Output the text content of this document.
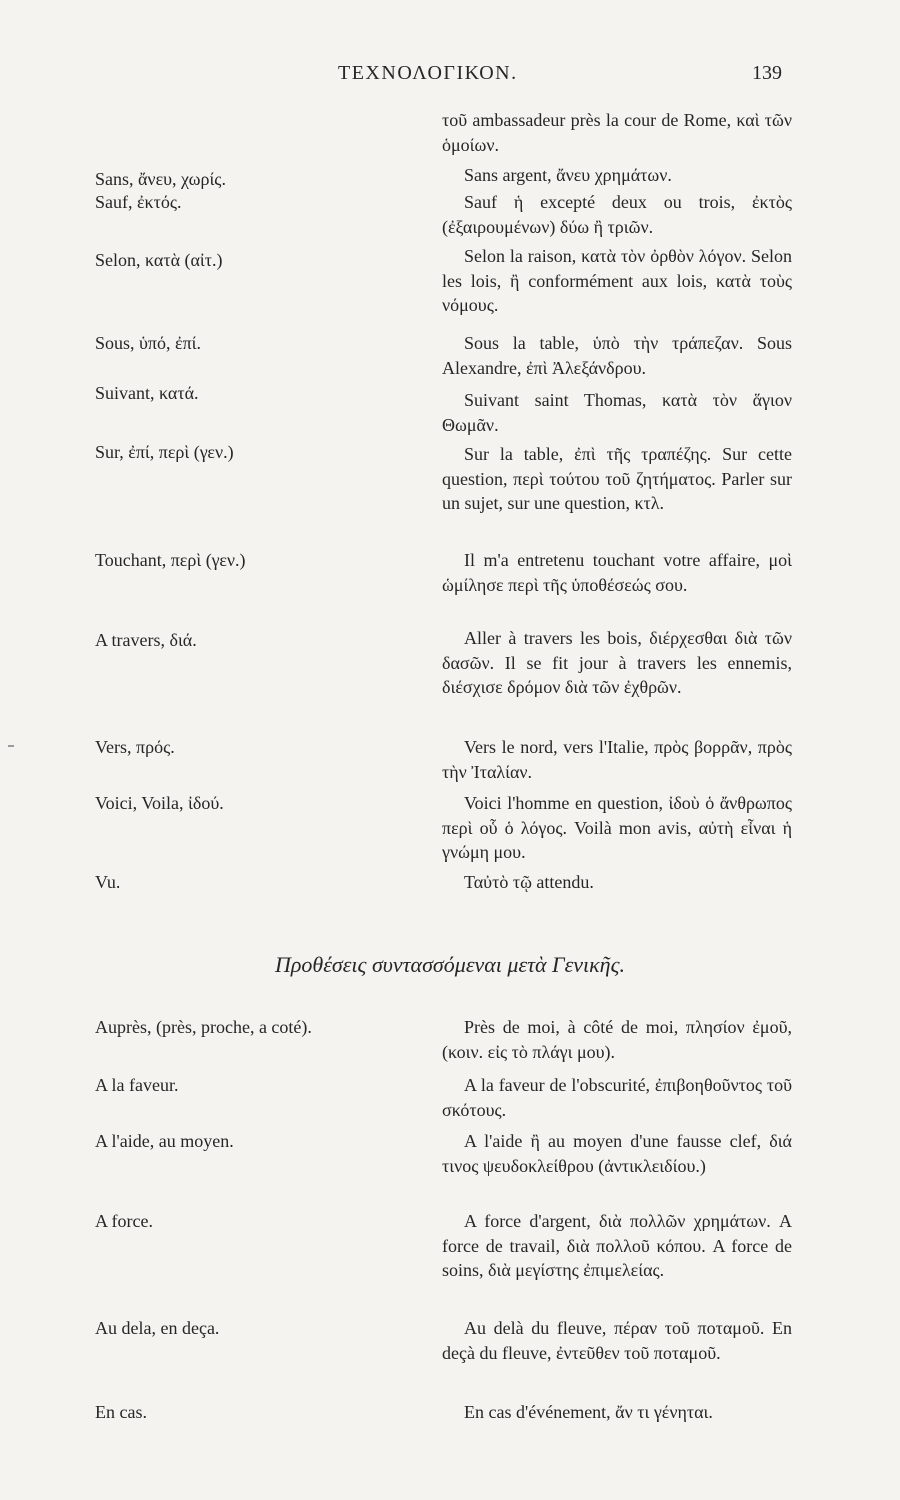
ΤΕΧΝΟΛΟΓΙΚΟΝ.	139
τοῦ ambassadeur près la cour de Rome, καὶ τῶν ὁμοίων.
Sans, ἄνευ, χωρίς.	Sans argent, ἄνευ χρημάτων.
Sauf, ἐκτός.	Sauf ἡ excepté deux ou trois, ἐκτὸς (ἐξαιρουμένων) δύω ἢ τριῶν.
Selon, κατὰ (αἰτ.)	Selon la raison, κατὰ τὸν ὀρθὸν λόγον. Selon les lois, ἢ conformément aux lois, κατὰ τοὺς νόμους.
Sous, ὑπό, ἐπί.	Sous la table, ὑπὸ τὴν τράπεζαν. Sous Alexandre, ἐπὶ Ἀλεξάνδρου.
Suivant, κατά.	Suivant saint Thomas, κατὰ τὸν ἅγιον Θωμᾶν.
Sur, ἐπί, περὶ (γεν.)	Sur la table, ἐπὶ τῆς τραπέζης. Sur cette question, περὶ τούτου τοῦ ζητήματος. Parler sur un sujet, sur une question, κτλ.
Touchant, περὶ (γεν.)	Il m'a entretenu touchant votre affaire, μοὶ ὡμίλησε περὶ τῆς ὑποθέσεώς σου.
A travers, διά.	Aller à travers les bois, διέρχεσθαι διὰ τῶν δασῶν. Il se fit jour à travers les ennemis, διέσχισε δρόμον διὰ τῶν ἐχθρῶν.
Vers, πρός.	Vers le nord, vers l'Italie, πρὸς βορρᾶν, πρὸς τὴν Ἰταλίαν.
Voici, Voila, ἰδού.	Voici l'homme en question, ἰδοὺ ὁ ἄνθρωπος περὶ οὗ ὁ λόγος. Voilà mon avis, αὐτὴ εἶναι ἡ γνώμη μου.
Vu.	Ταὐτὸ τῷ attendu.
Προθέσεις συντασσόμεναι μετὰ Γενικῆς.
Auprès, (près, proche, a coté).	Près de moi, à côté de moi, πλησίον ἐμοῦ, (κοιν. εἰς τὸ πλάγι μου).
A la faveur.	A la faveur de l'obscurité, ἐπιβοηθοῦντος τοῦ σκότους.
A l'aide, au moyen.	A l'aide ἢ au moyen d'une fausse clef, διά τινος ψευδοκλείθρου (ἀντικλειδίου.)
A force.	A force d'argent, διὰ πολλῶν χρημάτων. A force de travail, διὰ πολλοῦ κόπου. A force de soins, διὰ μεγίστης ἐπιμελείας.
Au dela, en deça.	Au delà du fleuve, πέραν τοῦ ποταμοῦ. En deçà du fleuve, ἐντεῦθεν τοῦ ποταμοῦ.
En cas.	En cas d'événement, ἄν τι γένηται.
